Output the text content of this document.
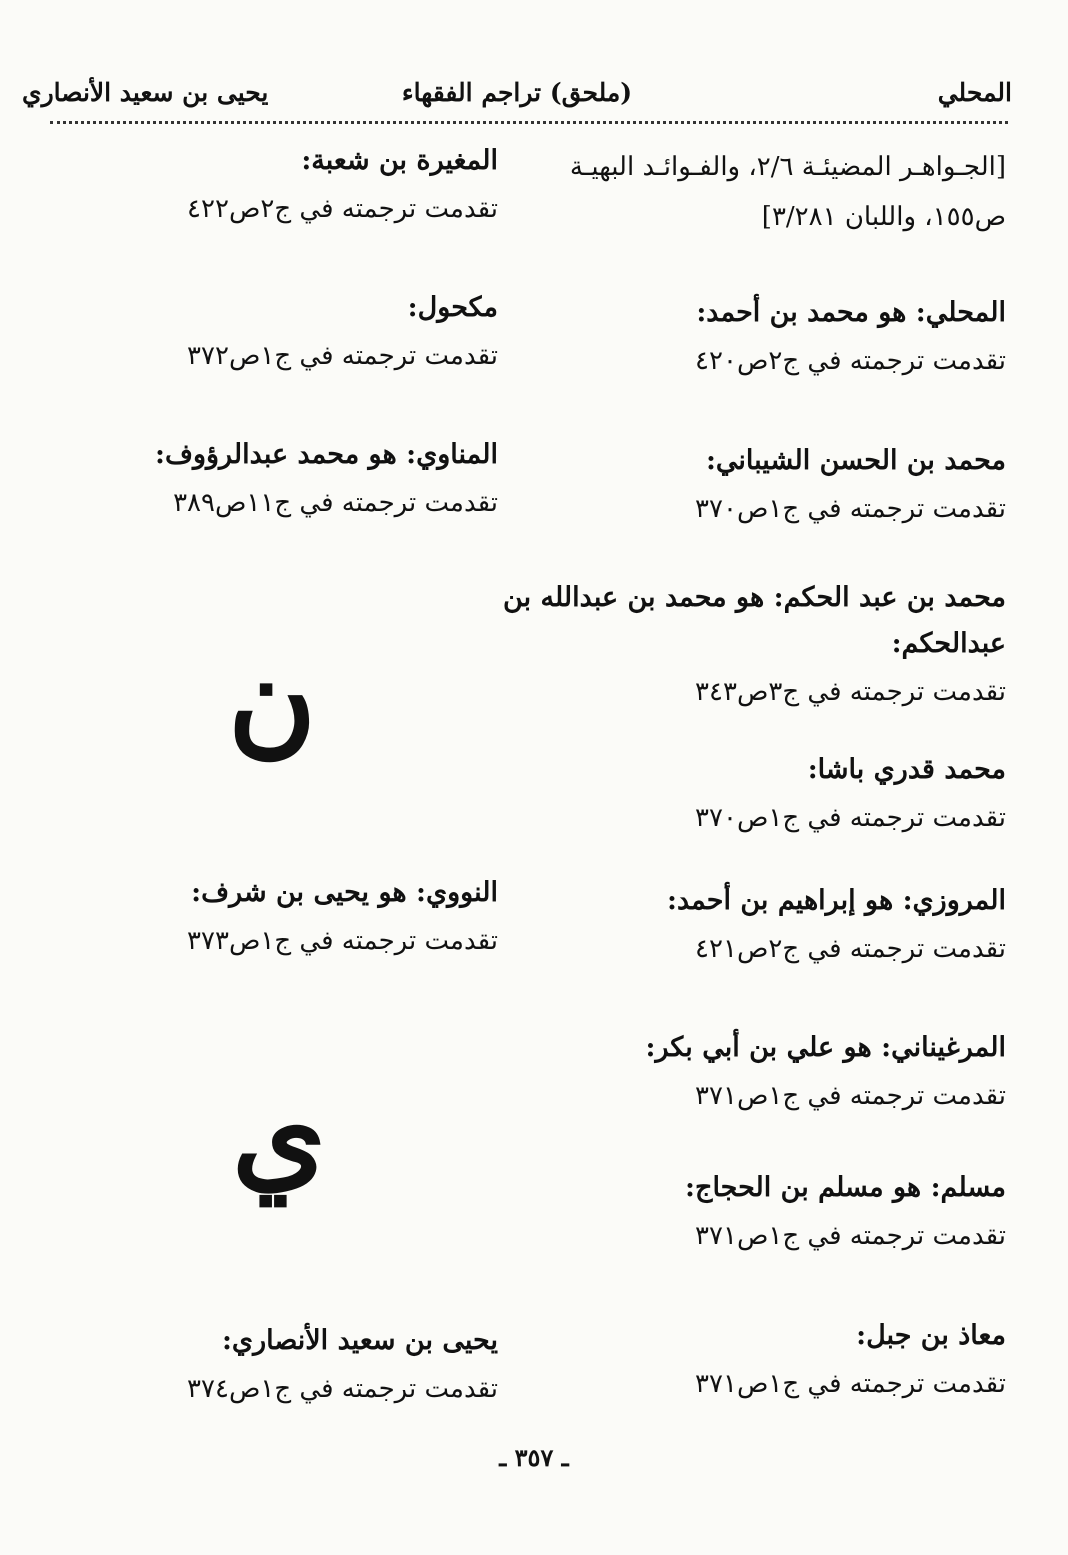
المحلي
(ملحق) تراجم الفقهاء
يحيى بن سعيد الأنصاري
[الجـواهـر المضيئـة ٢/٦، والفـوائـد البهيـة
ص١٥٥، واللبان ٣/٢٨١]
المحلي: هو محمد بن أحمد:
تقدمت ترجمته في ج٢ص٤٢٠
محمد بن الحسن الشيباني:
تقدمت ترجمته في ج١ص٣٧٠
محمد بن عبد الحكم: هو محمد بن عبدالله بن
عبدالحكم:
تقدمت ترجمته في ج٣ص٣٤٣
محمد قدري باشا:
تقدمت ترجمته في ج١ص٣٧٠
المروزي: هو إبراهيم بن أحمد:
تقدمت ترجمته في ج٢ص٤٢١
المرغيناني: هو علي بن أبي بكر:
تقدمت ترجمته في ج١ص٣٧١
مسلم: هو مسلم بن الحجاج:
تقدمت ترجمته في ج١ص٣٧١
معاذ بن جبل:
تقدمت ترجمته في ج١ص٣٧١
المغيرة بن شعبة:
تقدمت ترجمته في ج٢ص٤٢٢
مكحول:
تقدمت ترجمته في ج١ص٣٧٢
المناوي: هو محمد عبدالرؤوف:
تقدمت ترجمته في ج١١ص٣٨٩
ن
النووي: هو يحيى بن شرف:
تقدمت ترجمته في ج١ص٣٧٣
ي
يحيى بن سعيد الأنصاري:
تقدمت ترجمته في ج١ص٣٧٤
ـ ٣٥٧ ـ
